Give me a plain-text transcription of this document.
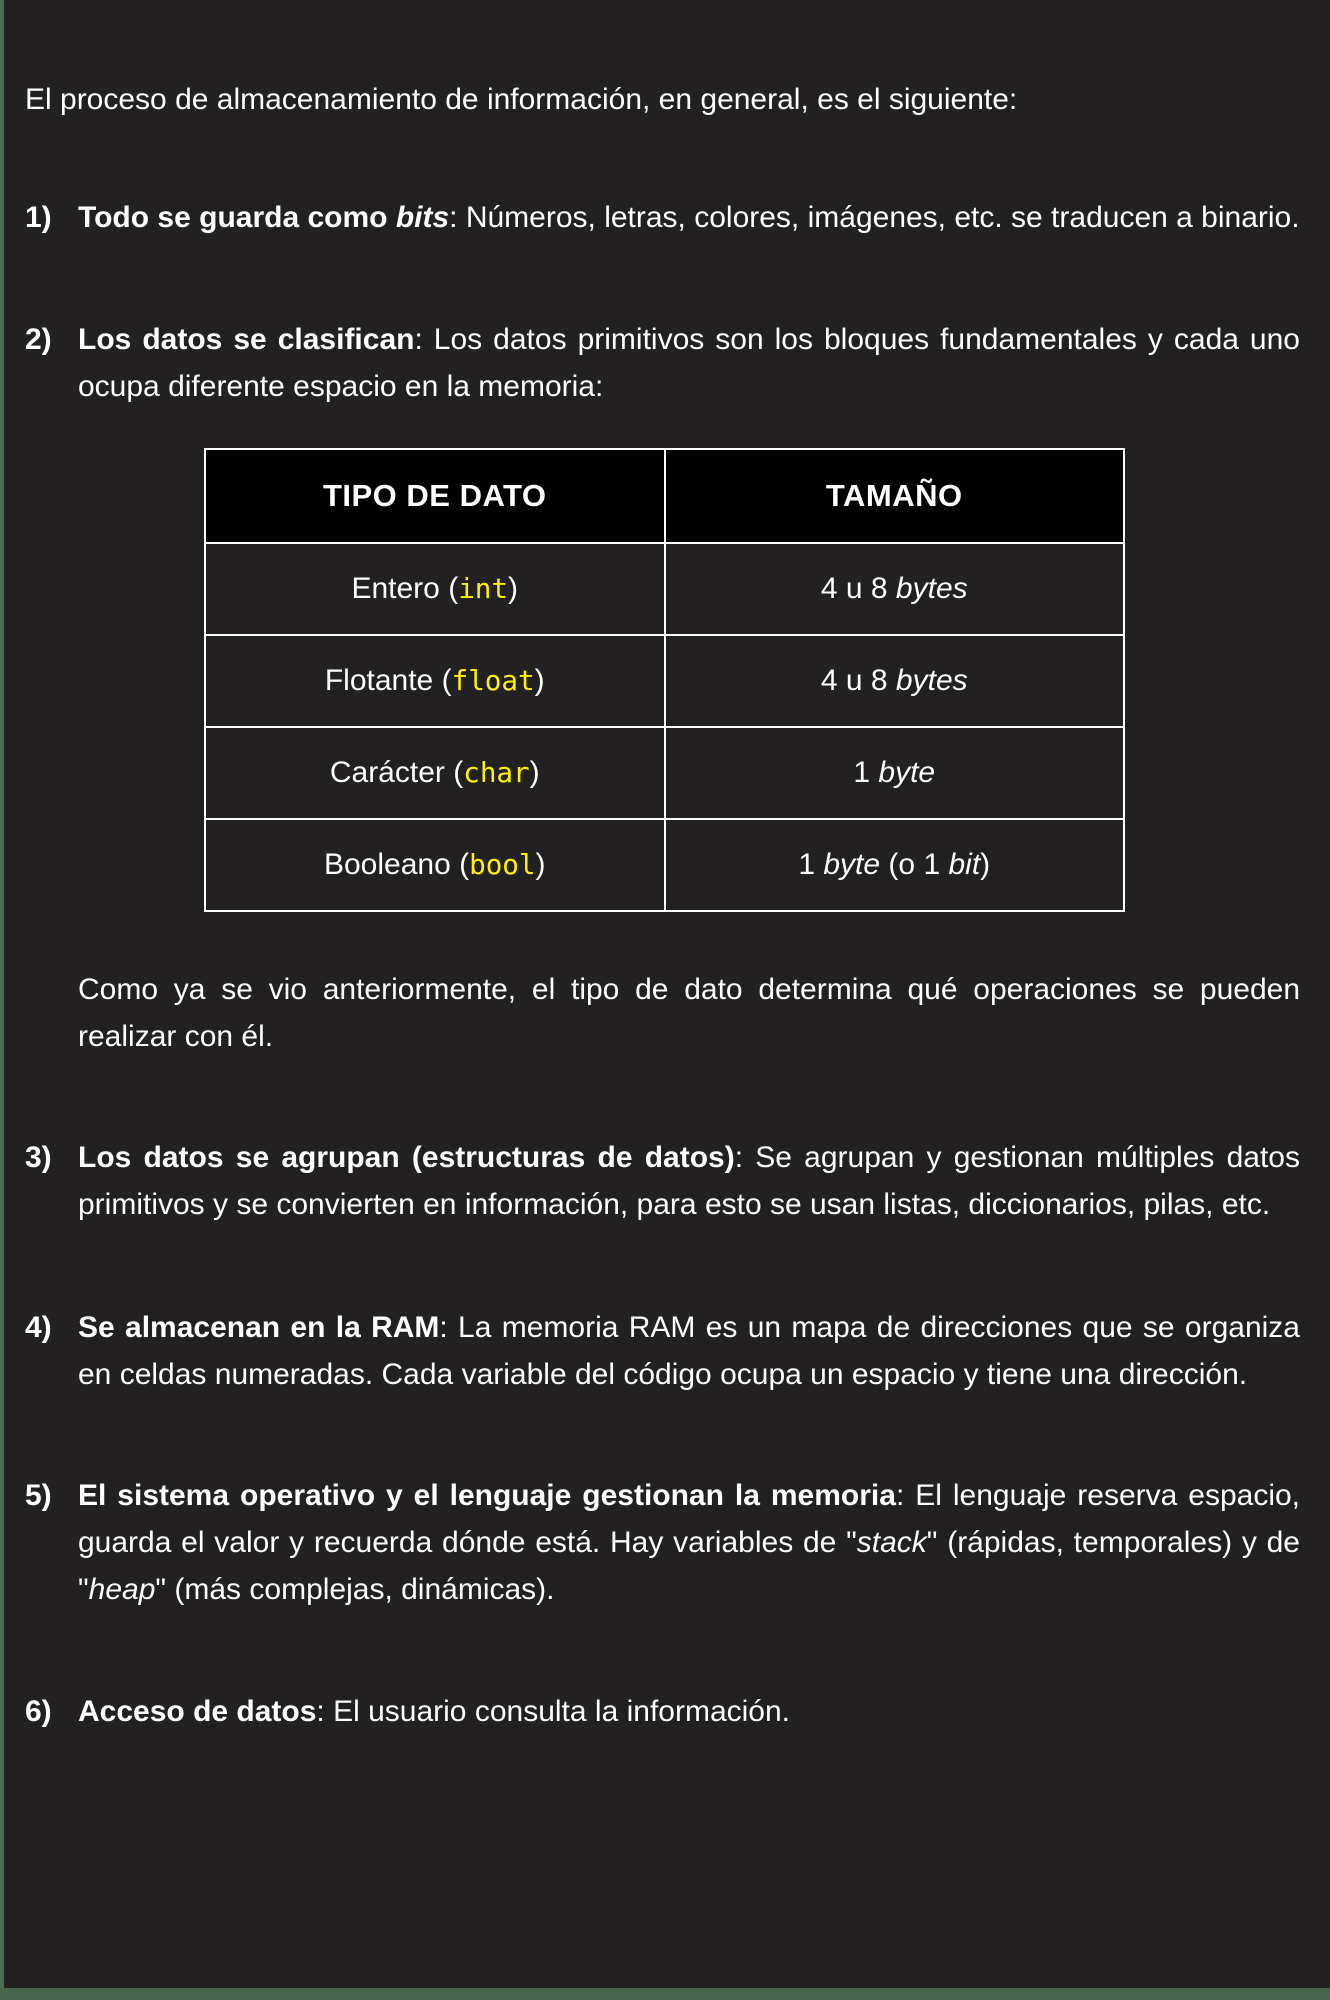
El proceso de almacenamiento de información, en general, es el siguiente:

1) Todo se guarda como bits: Números, letras, colores, imágenes, etc. se traducen a binario.
2) Los datos se clasifican: Los datos primitivos son los bloques fundamentales y cada uno ocupa diferente espacio en la memoria:
TIPO DE DATO	TAMAÑO
Entero (int)	4 u 8 bytes
Flotante (float)	4 u 8 bytes
Carácter (char)	1 byte
Booleano (bool)	1 byte (o 1 bit)

Como ya se vio anteriormente, el tipo de dato determina qué operaciones se pueden realizar con él.

3) Los datos se agrupan (estructuras de datos): Se agrupan y gestionan múltiples datos primitivos y se convierten en información, para esto se usan listas, diccionarios, pilas, etc.
4) Se almacenan en la RAM: La memoria RAM es un mapa de direcciones que se organiza en celdas numeradas. Cada variable del código ocupa un espacio y tiene una dirección.
5) El sistema operativo y el lenguaje gestionan la memoria: El lenguaje reserva espacio, guarda el valor y recuerda dónde está. Hay variables de "stack" (rápidas, temporales) y de "heap" (más complejas, dinámicas).
6) Acceso de datos: El usuario consulta la información.
